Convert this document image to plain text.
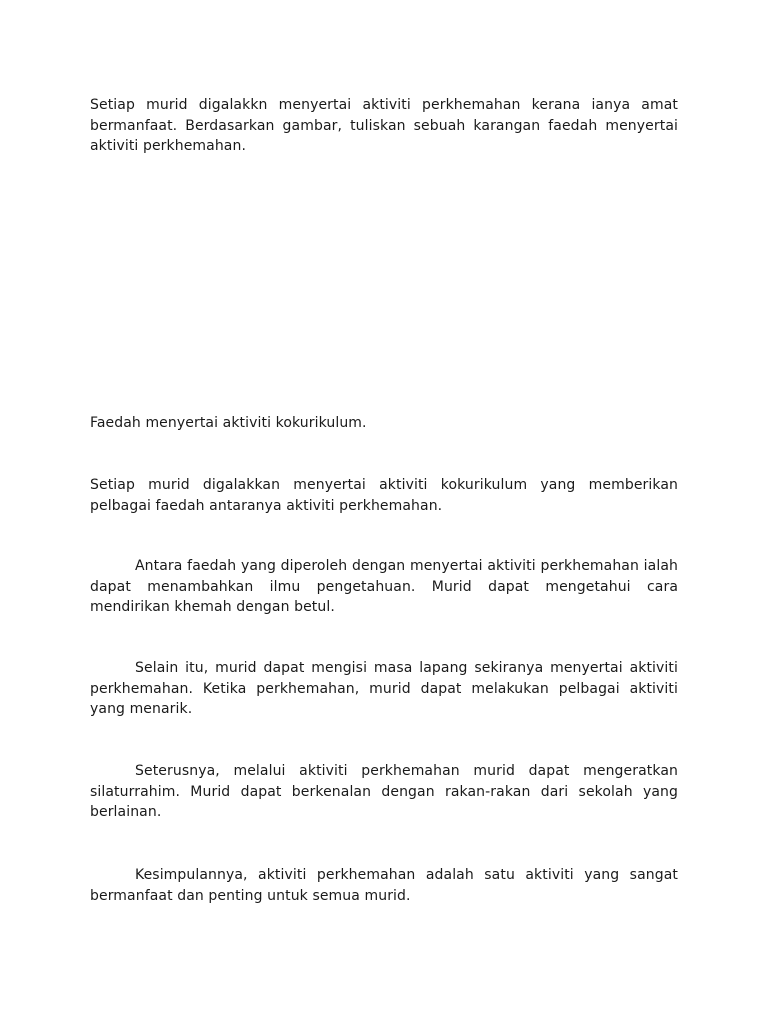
Setiap murid digalakkn menyertai aktiviti perkhemahan kerana ianya amat bermanfaat. Berdasarkan gambar, tuliskan sebuah karangan faedah menyertai aktiviti perkhemahan.

Faedah menyertai aktiviti kokurikulum.

Setiap murid digalakkan menyertai aktiviti kokurikulum yang memberikan pelbagai faedah antaranya aktiviti perkhemahan.

Antara faedah yang diperoleh dengan menyertai aktiviti perkhemahan ialah dapat menambahkan ilmu pengetahuan. Murid dapat mengetahui cara mendirikan khemah dengan betul.

Selain itu, murid dapat mengisi masa lapang sekiranya menyertai aktiviti perkhemahan. Ketika perkhemahan, murid dapat melakukan pelbagai aktiviti yang menarik.

Seterusnya, melalui aktiviti perkhemahan murid dapat mengeratkan silaturrahim. Murid dapat berkenalan dengan rakan-rakan dari sekolah yang berlainan.

Kesimpulannya, aktiviti perkhemahan adalah satu aktiviti yang sangat bermanfaat dan penting untuk semua murid.
